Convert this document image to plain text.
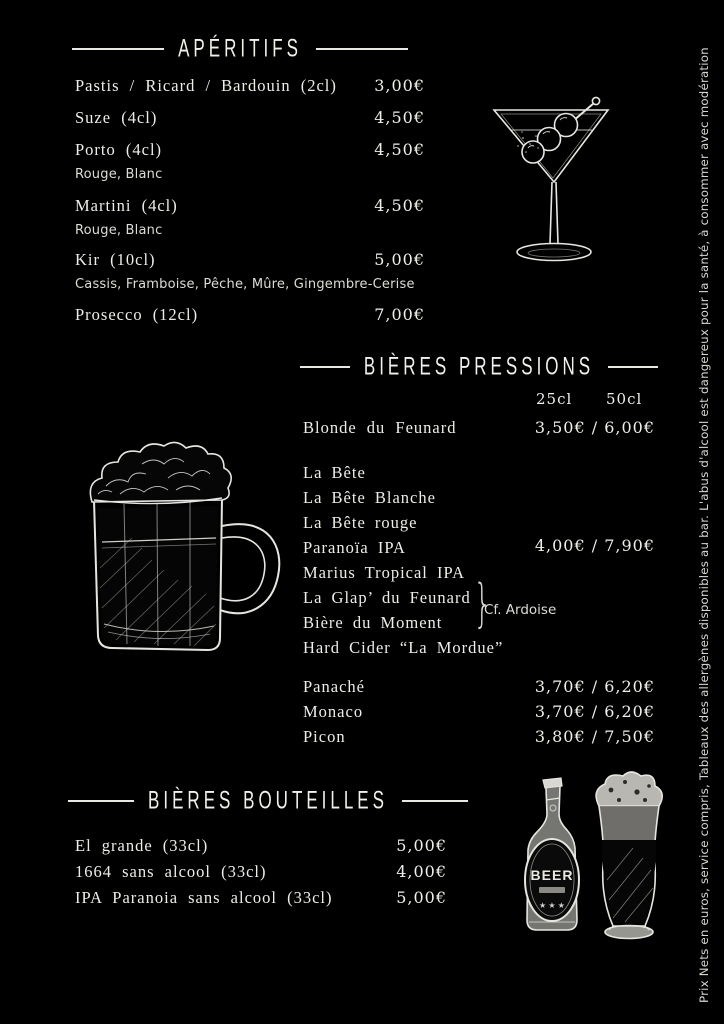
APÉRITIFS
Pastis / Ricard / Bardouin (2cl) 3,00€
Suze (4cl)	4,50€
Porto (4cl)	4,50€
Rouge, Blanc
Martini (4cl)	4,50€
Rouge, Blanc
Kir (10cl)	5,00€
Cassis, Framboise, Pêche, Mûre, Gingembre-Cerise
Prosecco (12cl)	7,00€
BIÈRES PRESSIONS
25cl 50cl
Blonde du Feunard	3,50€ / 6,00€
La Bête
La Bête Blanche
La Bête rouge
Paranoïa IPA
Marius Tropical IPA
La Glap’ du Feunard
Bière du Moment
Hard Cider “La Mordue”
4,00€ / 7,90€
}
Cf. Ardoise
Panaché	3,70€ / 6,20€
Monaco	3,70€ / 6,20€
Picon	3,80€ / 7,50€
BIÈRES BOUTEILLES
El grande (33cl)	5,00€
1664 sans alcool (33cl)	4,00€
IPA Paranoia sans alcool (33cl)	5,00€
BEER
★ ★ ★	Prix Nets en euros, service compris, Tableaux des allergènes disponibles au bar. L'abus d'alcool est dangereux pour la santé, à consommer avec modération
